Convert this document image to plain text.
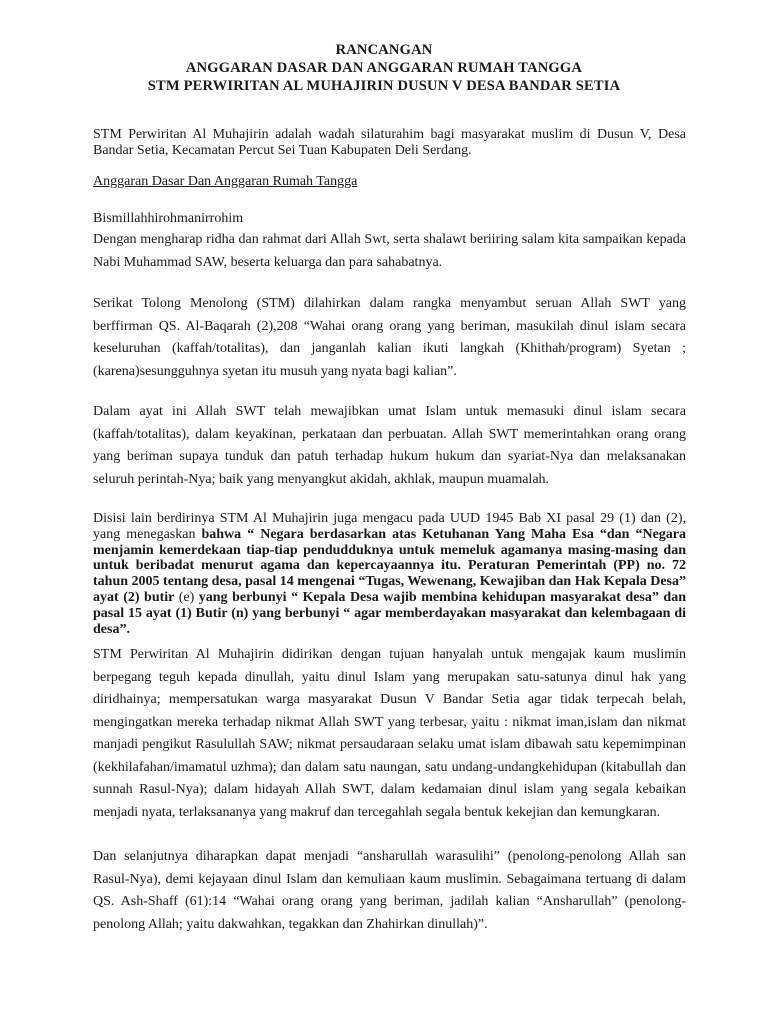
RANCANGAN
ANGGARAN DASAR DAN ANGGARAN RUMAH TANGGA
STM PERWIRITAN AL MUHAJIRIN DUSUN V DESA BANDAR SETIA
STM Perwiritan Al Muhajirin adalah wadah silaturahim bagi masyarakat muslim di Dusun V, Desa Bandar Setia, Kecamatan Percut Sei Tuan Kabupaten Deli Serdang.
Anggaran Dasar Dan Anggaran Rumah Tangga
Bismillahhirohmanirrohim
Dengan mengharap ridha dan rahmat dari Allah Swt, serta shalawt beriiring salam kita sampaikan kepada Nabi Muhammad SAW, beserta keluarga dan para sahabatnya.
Serikat Tolong Menolong (STM) dilahirkan dalam rangka menyambut seruan Allah SWT yang berffirman QS. Al-Baqarah (2),208 “Wahai orang orang yang beriman, masukilah dinul islam secara keseluruhan (kaffah/totalitas), dan janganlah kalian ikuti langkah (Khithah/program) Syetan ; (karena)sesungguhnya syetan itu musuh yang nyata bagi kalian”.
Dalam ayat ini Allah SWT telah mewajibkan umat Islam untuk memasuki dinul islam secara (kaffah/totalitas), dalam keyakinan, perkataan dan perbuatan. Allah SWT memerintahkan orang orang yang beriman supaya tunduk dan patuh terhadap hukum hukum dan syariat-Nya dan melaksanakan seluruh perintah-Nya; baik yang menyangkut akidah, akhlak, maupun muamalah.
Disisi lain berdirinya STM Al Muhajirin juga mengacu pada UUD 1945 Bab XI pasal 29 (1) dan (2), yang menegaskan bahwa “ Negara berdasarkan atas Ketuhanan Yang Maha Esa “dan “Negara menjamin kemerdekaan tiap-tiap pendudduknya untuk memeluk agamanya masing-masing dan untuk beribadat menurut agama dan kepercayaannya itu. Peraturan Pemerintah (PP) no. 72 tahun 2005 tentang desa, pasal 14 mengenai “Tugas, Wewenang, Kewajiban dan Hak Kepala Desa” ayat (2) butir (e) yang berbunyi “ Kepala Desa wajib membina kehidupan masyarakat desa” dan pasal 15 ayat (1) Butir (n) yang berbunyi “ agar memberdayakan masyarakat dan kelembagaan di desa”.
STM Perwiritan Al Muhajirin didirikan dengan tujuan hanyalah untuk mengajak kaum muslimin berpegang teguh kepada dinullah, yaitu dinul Islam yang merupakan satu-satunya dinul hak yang diridhainya; mempersatukan warga masyarakat Dusun V Bandar Setia agar tidak terpecah belah, mengingatkan mereka terhadap nikmat Allah SWT yang terbesar, yaitu : nikmat iman,islam dan nikmat manjadi pengikut Rasulullah SAW; nikmat persaudaraan selaku umat islam dibawah satu kepemimpinan (kekhilafahan/imamatul uzhma); dan dalam satu naungan, satu undang-undangkehidupan (kitabullah dan sunnah Rasul-Nya); dalam hidayah Allah SWT, dalam kedamaian dinul islam yang segala kebaikan menjadi nyata, terlaksananya yang makruf dan tercegahlah segala bentuk kekejian dan kemungkaran.
Dan selanjutnya diharapkan dapat menjadi “ansharullah warasulihi” (penolong-penolong Allah san Rasul-Nya), demi kejayaan dinul Islam dan kemuliaan kaum muslimin. Sebagaimana tertuang di dalam QS. Ash-Shaff (61):14 “Wahai orang orang yang beriman, jadilah kalian “Ansharullah” (penolong-penolong Allah; yaitu dakwahkan, tegakkan dan Zhahirkan dinullah)”.
